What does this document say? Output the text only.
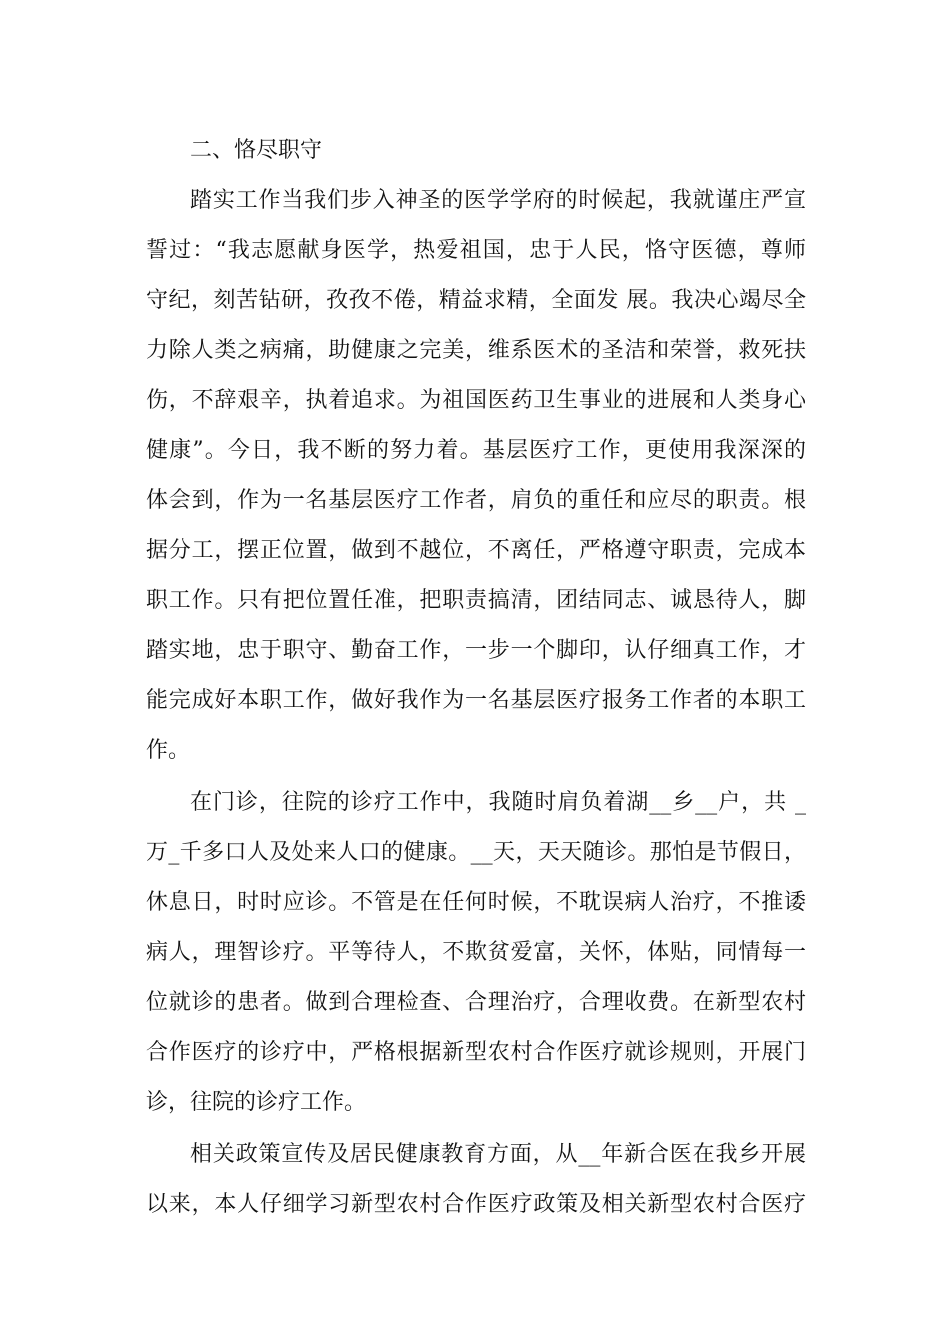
二、恪尽职守
踏实工作当我们步入神圣的医学学府的时候起，我就谨庄严宣
誓过：“我志愿献身医学，热爱祖国，忠于人民，恪守医德，尊师
守纪，刻苦钻研，孜孜不倦，精益求精，全面发 展。我决心竭尽全
力除人类之病痛，助健康之完美，维系医术的圣洁和荣誉，救死扶
伤，不辞艰辛，执着追求。为祖国医药卫生事业的进展和人类身心
健康”。今日，我不断的努力着。基层医疗工作，更使用我深深的
体会到，作为一名基层医疗工作者，肩负的重任和应尽的职责。根
据分工，摆正位置，做到不越位，不离任，严格遵守职责，完成本
职工作。只有把位置任准，把职责搞清，团结同志、诚恳待人，脚
踏实地，忠于职守、勤奋工作，一步一个脚印，认仔细真工作，才
能完成好本职工作，做好我作为一名基层医疗报务工作者的本职工
作。
在门诊，往院的诊疗工作中，我随时肩负着湖__乡__户，共 _
万_千多口人及处来人口的健康。__天，天天随诊。那怕是节假日，
休息日，时时应诊。不管是在任何时候，不耽误病人治疗，不推诿
病人，理智诊疗。平等待人，不欺贫爱富，关怀，体贴，同情每一
位就诊的患者。做到合理检查、合理治疗，合理收费。在新型农村
合作医疗的诊疗中，严格根据新型农村合作医疗就诊规则，开展门
诊，往院的诊疗工作。
相关政策宣传及居民健康教育方面，从__年新合医在我乡开展
以来，本人仔细学习新型农村合作医疗政策及相关新型农村合医疗
